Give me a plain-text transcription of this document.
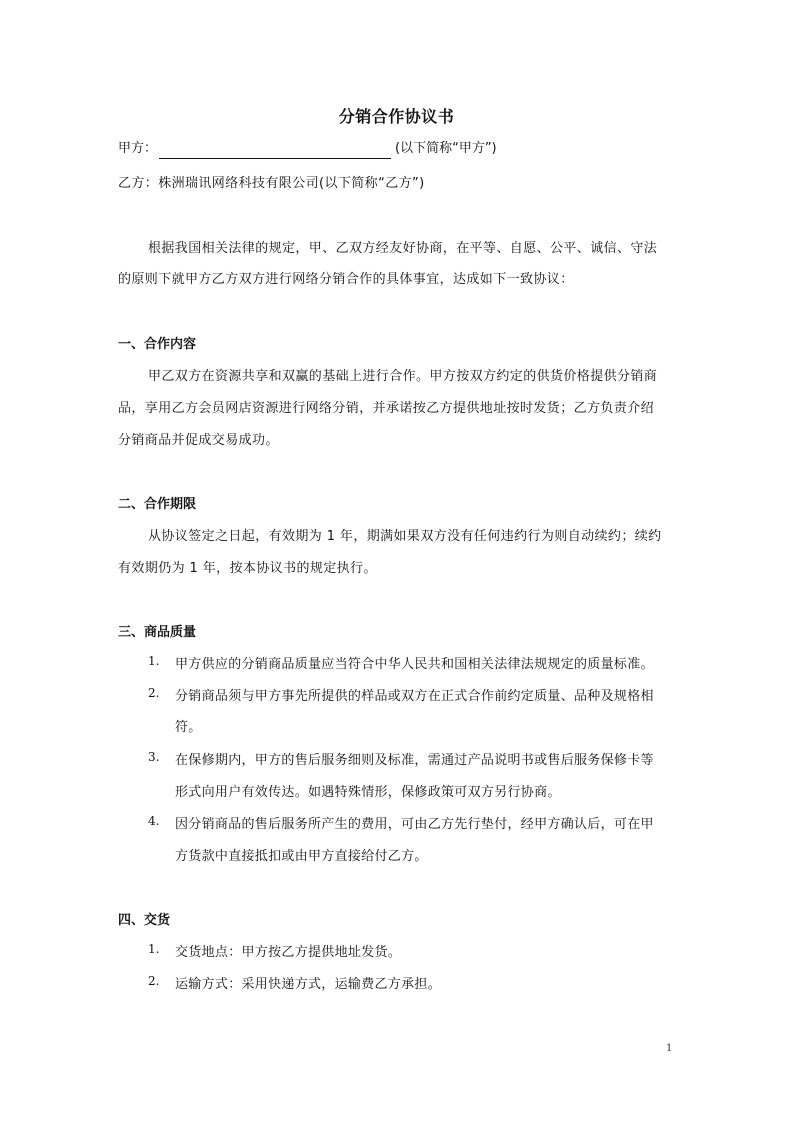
分销合作协议书
甲方：	(以下简称“甲方”)
乙方：株洲瑞讯网络科技有限公司(以下简称“乙方”)
根据我国相关法律的规定，甲、乙双方经友好协商，在平等、自愿、公平、诚信、守法
的原则下就甲方乙方双方进行网络分销合作的具体事宜，达成如下一致协议：
一、合作内容
甲乙双方在资源共享和双赢的基础上进行合作。甲方按双方约定的供货价格提供分销商
品，享用乙方会员网店资源进行网络分销，并承诺按乙方提供地址按时发货；乙方负责介绍
分销商品并促成交易成功。
二、合作期限
从协议签定之日起，有效期为 1 年，期满如果双方没有任何违约行为则自动续约；续约
有效期仍为 1 年，按本协议书的规定执行。
三、商品质量
1. 甲方供应的分销商品质量应当符合中华人民共和国相关法律法规规定的质量标准。
2. 分销商品须与甲方事先所提供的样品或双方在正式合作前约定质量、品种及规格相
符。
3. 在保修期内，甲方的售后服务细则及标准，需通过产品说明书或售后服务保修卡等
形式向用户有效传达。如遇特殊情形，保修政策可双方另行协商。
4. 因分销商品的售后服务所产生的费用，可由乙方先行垫付，经甲方确认后，可在甲
方货款中直接抵扣或由甲方直接给付乙方。
四、交货
1. 交货地点：甲方按乙方提供地址发货。
2. 运输方式：采用快递方式，运输费乙方承担。
1
